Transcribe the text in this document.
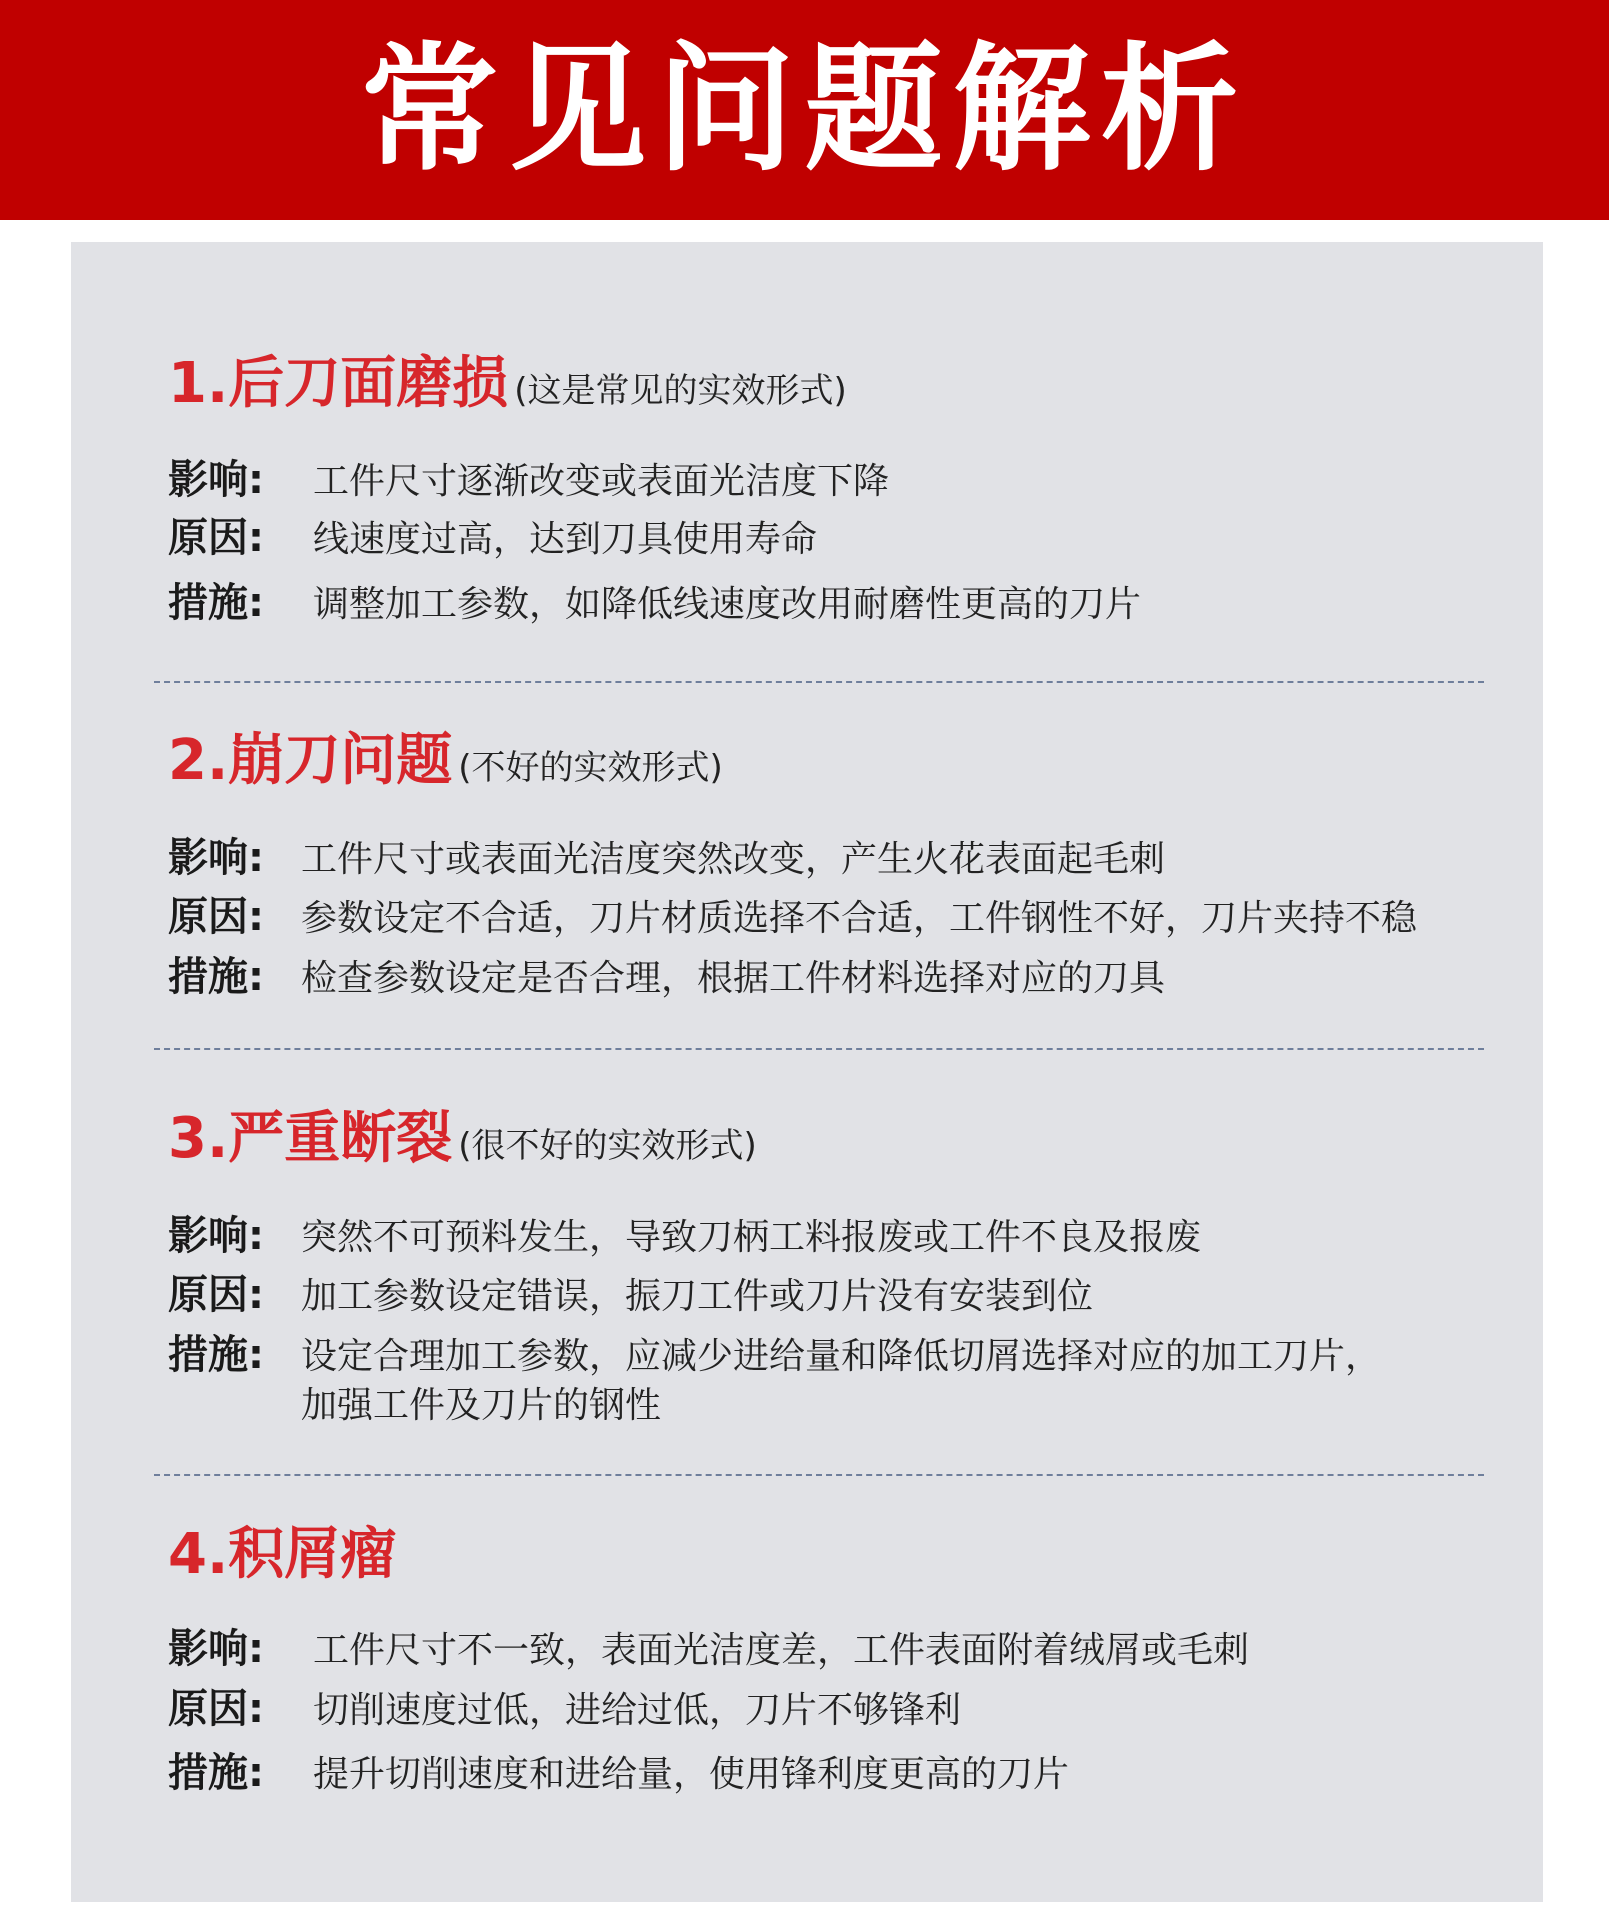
常见问题解析
1.后刀面磨损 (这是常见的实效形式)
影响: 工件尺寸逐渐改变或表面光洁度下降
原因: 线速度过高，达到刀具使用寿命
措施: 调整加工参数，如降低线速度改用耐磨性更高的刀片
2.崩刀问题 (不好的实效形式)
影响: 工件尺寸或表面光洁度突然改变，产生火花表面起毛刺
原因: 参数设定不合适，刀片材质选择不合适，工件钢性不好，刀片夹持不稳
措施: 检查参数设定是否合理，根据工件材料选择对应的刀具
3.严重断裂 (很不好的实效形式)
影响: 突然不可预料发生，导致刀柄工料报废或工件不良及报废
原因: 加工参数设定错误，振刀工件或刀片没有安装到位
措施: 设定合理加工参数，应减少进给量和降低切屑选择对应的加工刀片，
加强工件及刀片的钢性
4.积屑瘤
影响: 工件尺寸不一致，表面光洁度差，工件表面附着绒屑或毛刺
原因: 切削速度过低，进给过低，刀片不够锋利
措施: 提升切削速度和进给量，使用锋利度更高的刀片
